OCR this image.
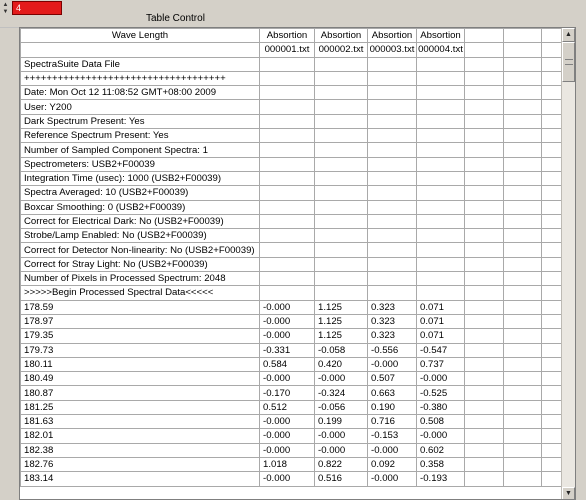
▲
▼ 4
Table Control
Wave Length	Absortion	Absortion	Absortion	Absortion			
	000001.txt	000002.txt	000003.txt	000004.txt			
SpectraSuite Data File							
++++++++++++++++++++++++++++++++++++							
Date: Mon Oct 12 11:08:52 GMT+08:00 2009							
User: Y200							
Dark Spectrum Present: Yes							
Reference Spectrum Present: Yes							
Number of Sampled Component Spectra: 1							
Spectrometers: USB2+F00039							
Integration Time (usec): 1000 (USB2+F00039)							
Spectra Averaged: 10 (USB2+F00039)							
Boxcar Smoothing: 0 (USB2+F00039)							
Correct for Electrical Dark: No (USB2+F00039)							
Strobe/Lamp Enabled: No (USB2+F00039)							
Correct for Detector Non-linearity: No (USB2+F00039)							
Correct for Stray Light: No (USB2+F00039)							
Number of Pixels in Processed Spectrum: 2048							
>>>>>Begin Processed Spectral Data<<<<<							
178.59	-0.000	1.125	0.323	0.071			
178.97	-0.000	1.125	0.323	0.071			
179.35	-0.000	1.125	0.323	0.071			
179.73	-0.331	-0.058	-0.556	-0.547			
180.11	0.584	0.420	-0.000	0.737			
180.49	-0.000	-0.000	0.507	-0.000			
180.87	-0.170	-0.324	0.663	-0.525			
181.25	0.512	-0.056	0.190	-0.380			
181.63	-0.000	0.199	0.716	0.508			
182.01	-0.000	-0.000	-0.153	-0.000			
182.38	-0.000	-0.000	-0.000	0.602			
182.76	1.018	0.822	0.092	0.358			
183.14	-0.000	0.516	-0.000	-0.193			
▲
▼
